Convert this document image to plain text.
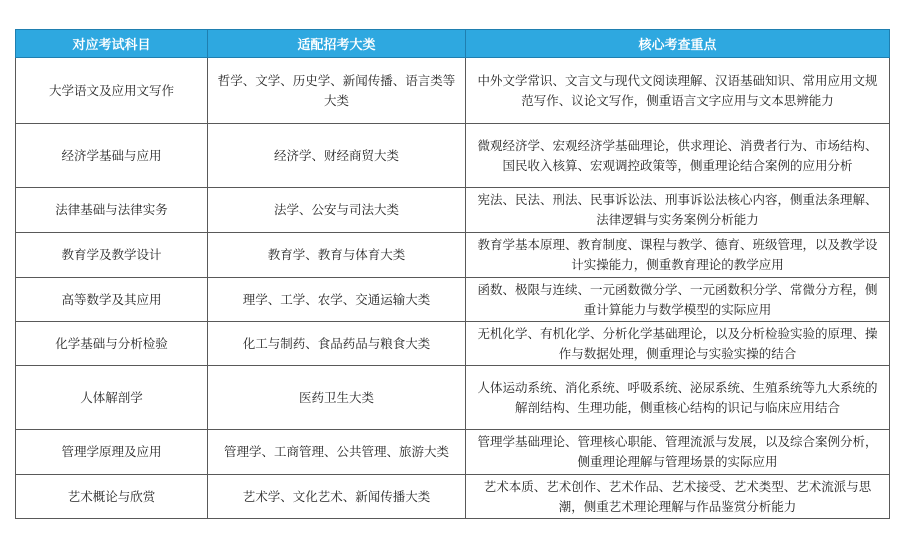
对应考试科目	适配招考大类	核心考查重点
大学语文及应用文写作	哲学、文学、历史学、新闻传播、语言类等大类	中外文学常识、文言文与现代文阅读理解、汉语基础知识、常用应用文规范写作、议论文写作，侧重语言文字应用与文本思辨能力
经济学基础与应用	经济学、财经商贸大类	微观经济学、宏观经济学基础理论，供求理论、消费者行为、市场结构、国民收入核算、宏观调控政策等，侧重理论结合案例的应用分析
法律基础与法律实务	法学、公安与司法大类	宪法、民法、刑法、民事诉讼法、刑事诉讼法核心内容，侧重法条理解、法律逻辑与实务案例分析能力
教育学及教学设计	教育学、教育与体育大类	教育学基本原理、教育制度、课程与教学、德育、班级管理，以及教学设计实操能力，侧重教育理论的教学应用
高等数学及其应用	理学、工学、农学、交通运输大类	函数、极限与连续、一元函数微分学、一元函数积分学、常微分方程，侧重计算能力与数学模型的实际应用
化学基础与分析检验	化工与制药、食品药品与粮食大类	无机化学、有机化学、分析化学基础理论，以及分析检验实验的原理、操作与数据处理，侧重理论与实验实操的结合
人体解剖学	医药卫生大类	人体运动系统、消化系统、呼吸系统、泌尿系统、生殖系统等九大系统的解剖结构、生理功能，侧重核心结构的识记与临床应用结合
管理学原理及应用	管理学、工商管理、公共管理、旅游大类	管理学基础理论、管理核心职能、管理流派与发展，以及综合案例分析，侧重理论理解与管理场景的实际应用
艺术概论与欣赏	艺术学、文化艺术、新闻传播大类	艺术本质、艺术创作、艺术作品、艺术接受、艺术类型、艺术流派与思潮，侧重艺术理论理解与作品鉴赏分析能力
